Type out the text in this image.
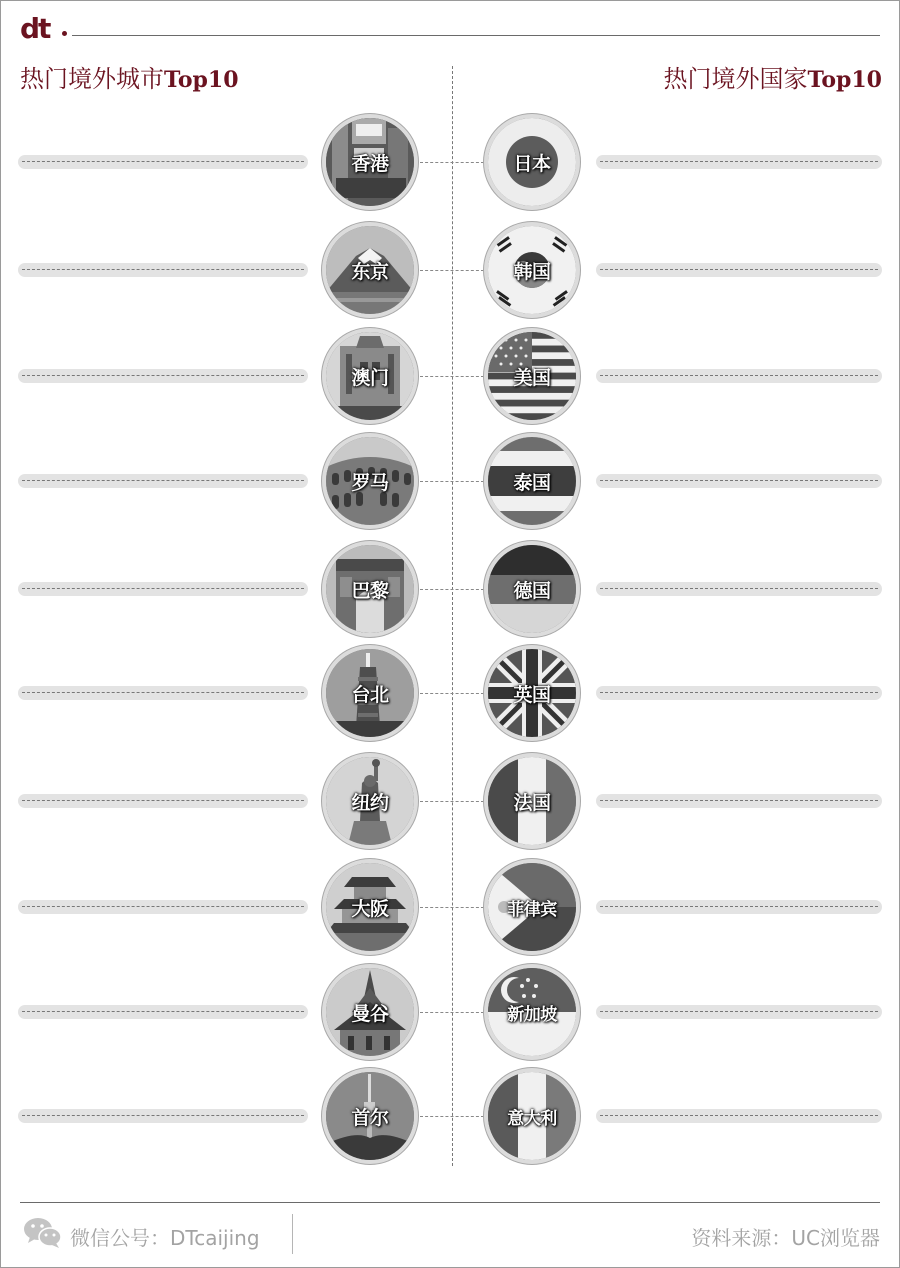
dt
热门境外城市Top10	热门境外国家Top10
香港	日本
东京	韩国
澳门	美国
罗马	泰国
巴黎	德国
台北	英国
纽约	法国
大阪	菲律宾
曼谷	新加坡
首尔	意大利
微信公号：DTcaijing	资料来源：UC浏览器
